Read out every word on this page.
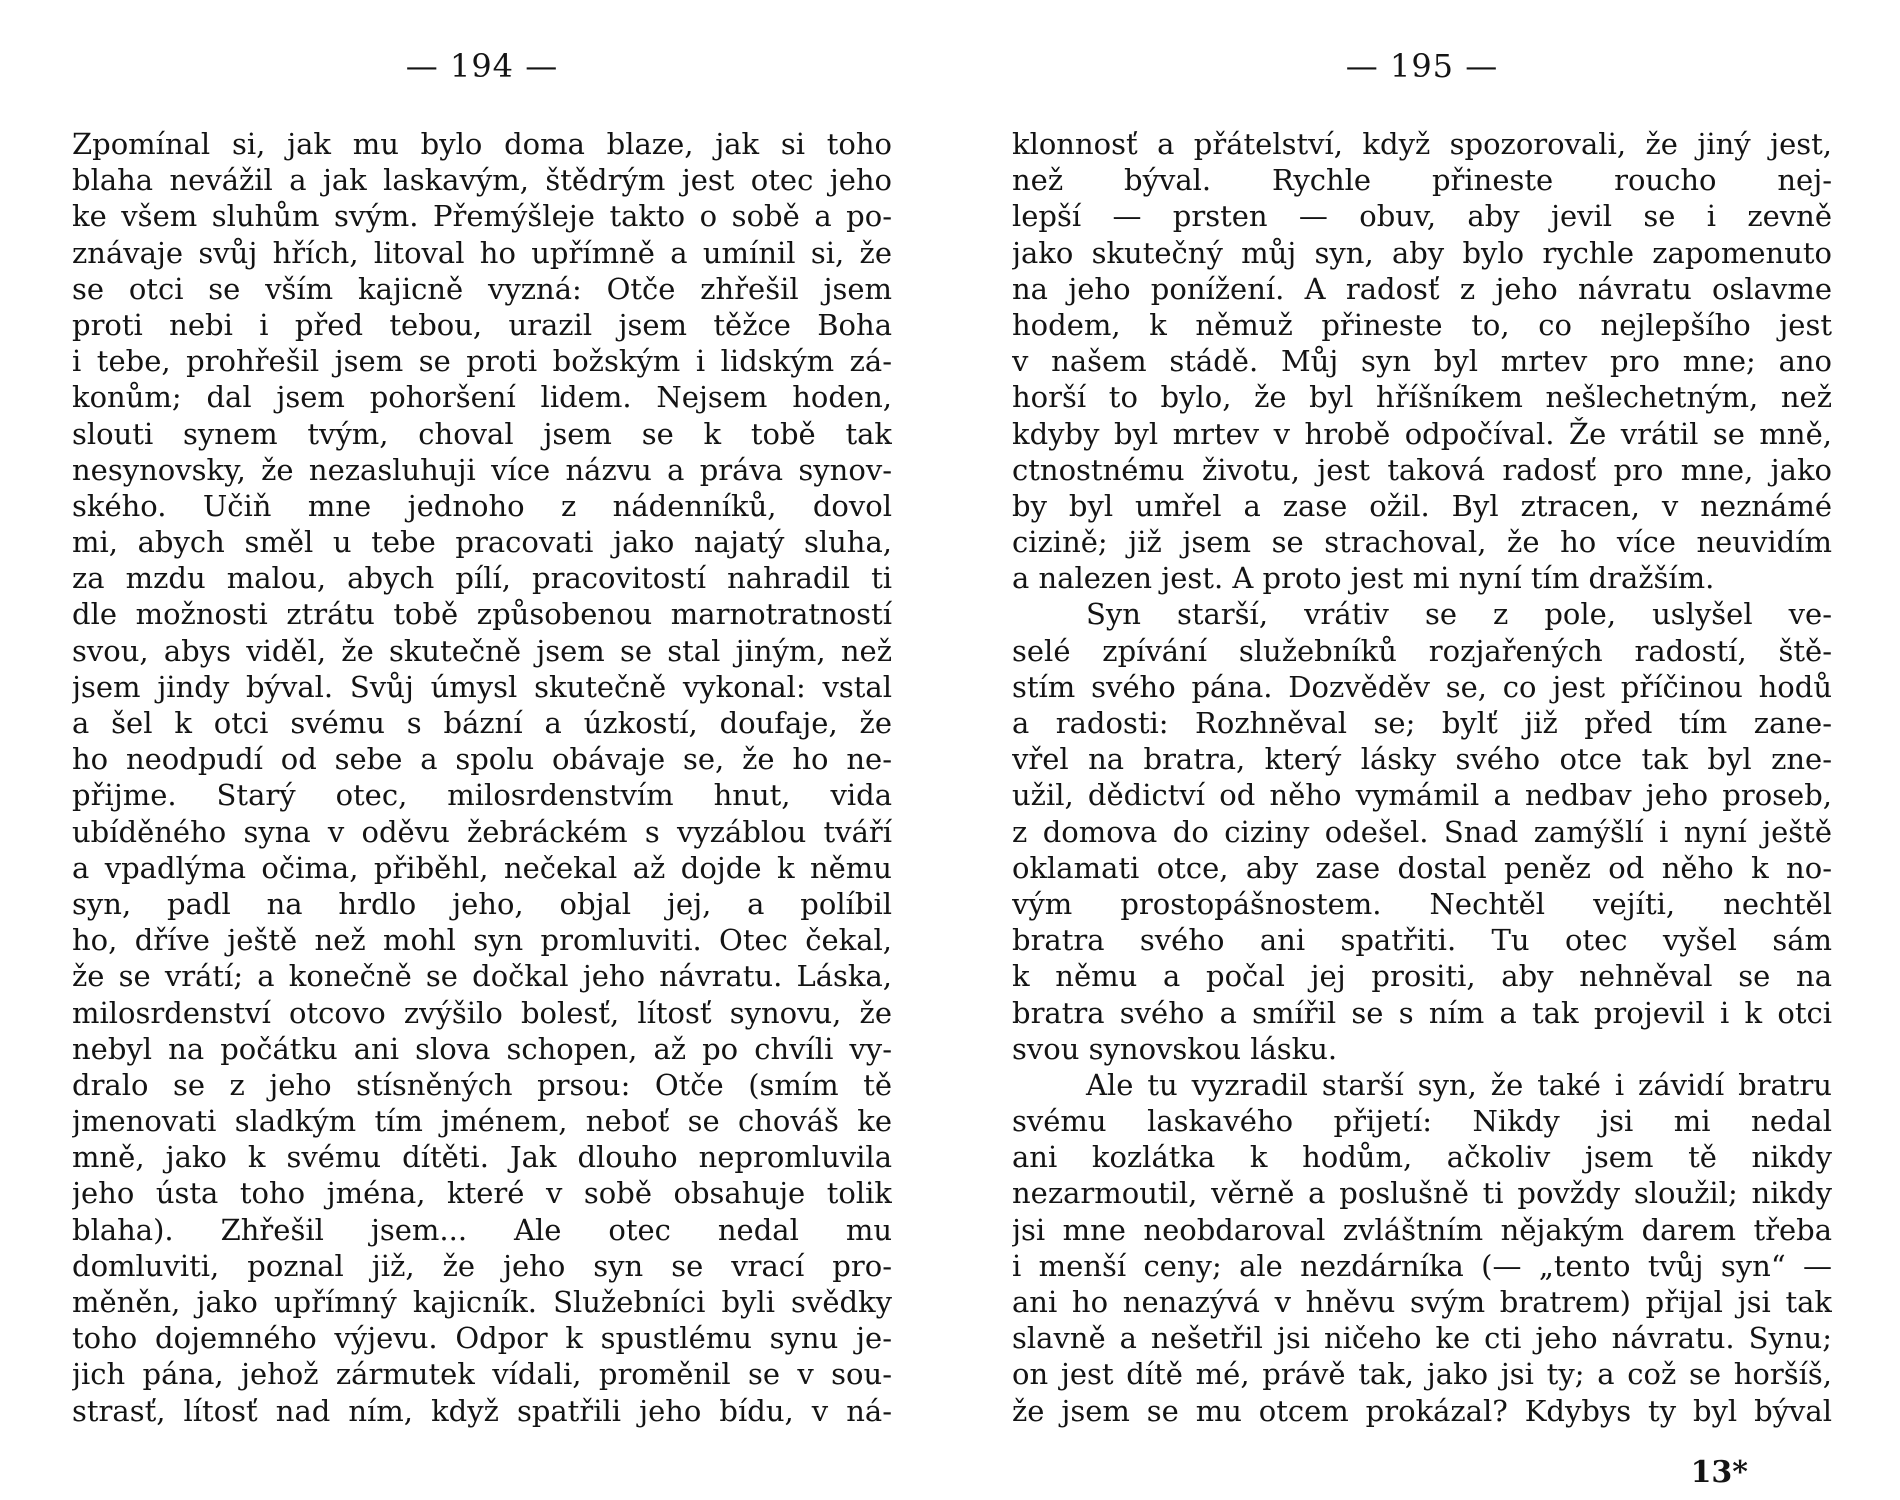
— 194 —
Zpomínal si, jak mu bylo doma blaze, jak si toho
blaha nevážil a jak laskavým, štědrým jest otec jeho
ke všem sluhům svým. Přemýšleje takto o sobě a po-
znávaje svůj hřích, litoval ho upřímně a umínil si, že
se otci se vším kajicně vyzná: Otče zhřešil jsem
proti nebi i před tebou, urazil jsem těžce Boha
i tebe, prohřešil jsem se proti božským i lidským zá-
konům; dal jsem pohoršení lidem. Nejsem hoden,
slouti synem tvým, choval jsem se k tobě tak
nesynovsky, že nezasluhuji více názvu a práva synov-
ského. Učiň mne jednoho z nádenníků, dovol
mi, abych směl u tebe pracovati jako najatý sluha,
za mzdu malou, abych pílí, pracovitostí nahradil ti
dle možnosti ztrátu tobě způsobenou marnotratností
svou, abys viděl, že skutečně jsem se stal jiným, než
jsem jindy býval. Svůj úmysl skutečně vykonal: vstal
a šel k otci svému s bázní a úzkostí, doufaje, že
ho neodpudí od sebe a spolu obávaje se, že ho ne-
přijme. Starý otec, milosrdenstvím hnut, vida
ubíděného syna v oděvu žebráckém s vyzáblou tváří
a vpadlýma očima, přiběhl, nečekal až dojde k němu
syn, padl na hrdlo jeho, objal jej, a políbil
ho, dříve ještě než mohl syn promluviti. Otec čekal,
že se vrátí; a konečně se dočkal jeho návratu. Láska,
milosrdenství otcovo zvýšilo bolesť, lítosť synovu, že
nebyl na počátku ani slova schopen, až po chvíli vy-
dralo se z jeho stísněných prsou: Otče (smím tě
jmenovati sladkým tím jménem, neboť se chováš ke
mně, jako k svému dítěti. Jak dlouho nepromluvila
jeho ústa toho jména, které v sobě obsahuje tolik
blaha). Zhřešil jsem... Ale otec nedal mu
domluviti, poznal již, že jeho syn se vrací pro-
měněn, jako upřímný kajicník. Služebníci byli svědky
toho dojemného výjevu. Odpor k spustlému synu je-
jich pána, jehož zármutek vídali, proměnil se v sou-
strasť, lítosť nad ním, když spatřili jeho bídu, v ná-
— 195 —
klonnosť a přátelství, když spozorovali, že jiný jest,
než býval. Rychle přineste roucho nej-
lepší — prsten — obuv, aby jevil se i zevně
jako skutečný můj syn, aby bylo rychle zapomenuto
na jeho ponížení. A radosť z jeho návratu oslavme
hodem, k němuž přineste to, co nejlepšího jest
v našem stádě. Můj syn byl mrtev pro mne; ano
horší to bylo, že byl hříšníkem nešlechetným, než
kdyby byl mrtev v hrobě odpočíval. Že vrátil se mně,
ctnostnému životu, jest taková radosť pro mne, jako
by byl umřel a zase ožil. Byl ztracen, v neznámé
cizině; již jsem se strachoval, že ho více neuvidím
a nalezen jest. A proto jest mi nyní tím dražším.
Syn starší, vrátiv se z pole, uslyšel ve-
selé zpívání služebníků rozjařených radostí, ště-
stím svého pána. Dozvěděv se, co jest příčinou hodů
a radosti: Rozhněval se; bylť již před tím zane-
vřel na bratra, který lásky svého otce tak byl zne-
užil, dědictví od něho vymámil a nedbav jeho proseb,
z domova do ciziny odešel. Snad zamýšlí i nyní ještě
oklamati otce, aby zase dostal peněz od něho k no-
vým prostopášnostem. Nechtěl vejíti, nechtěl
bratra svého ani spatřiti. Tu otec vyšel sám
k němu a počal jej prositi, aby nehněval se na
bratra svého a smířil se s ním a tak projevil i k otci
svou synovskou lásku.
Ale tu vyzradil starší syn, že také i závidí bratru
svému laskavého přijetí: Nikdy jsi mi nedal
ani kozlátka k hodům, ačkoliv jsem tě nikdy
nezarmoutil, věrně a poslušně ti povždy sloužil; nikdy
jsi mne neobdaroval zvláštním nějakým darem třeba
i menší ceny; ale nezdárníka (— „tento tvůj syn“ —
ani ho nenazývá v hněvu svým bratrem) přijal jsi tak
slavně a nešetřil jsi ničeho ke cti jeho návratu. Synu;
on jest dítě mé, právě tak, jako jsi ty; a což se horšíš,
že jsem se mu otcem prokázal? Kdybys ty byl býval
13*
